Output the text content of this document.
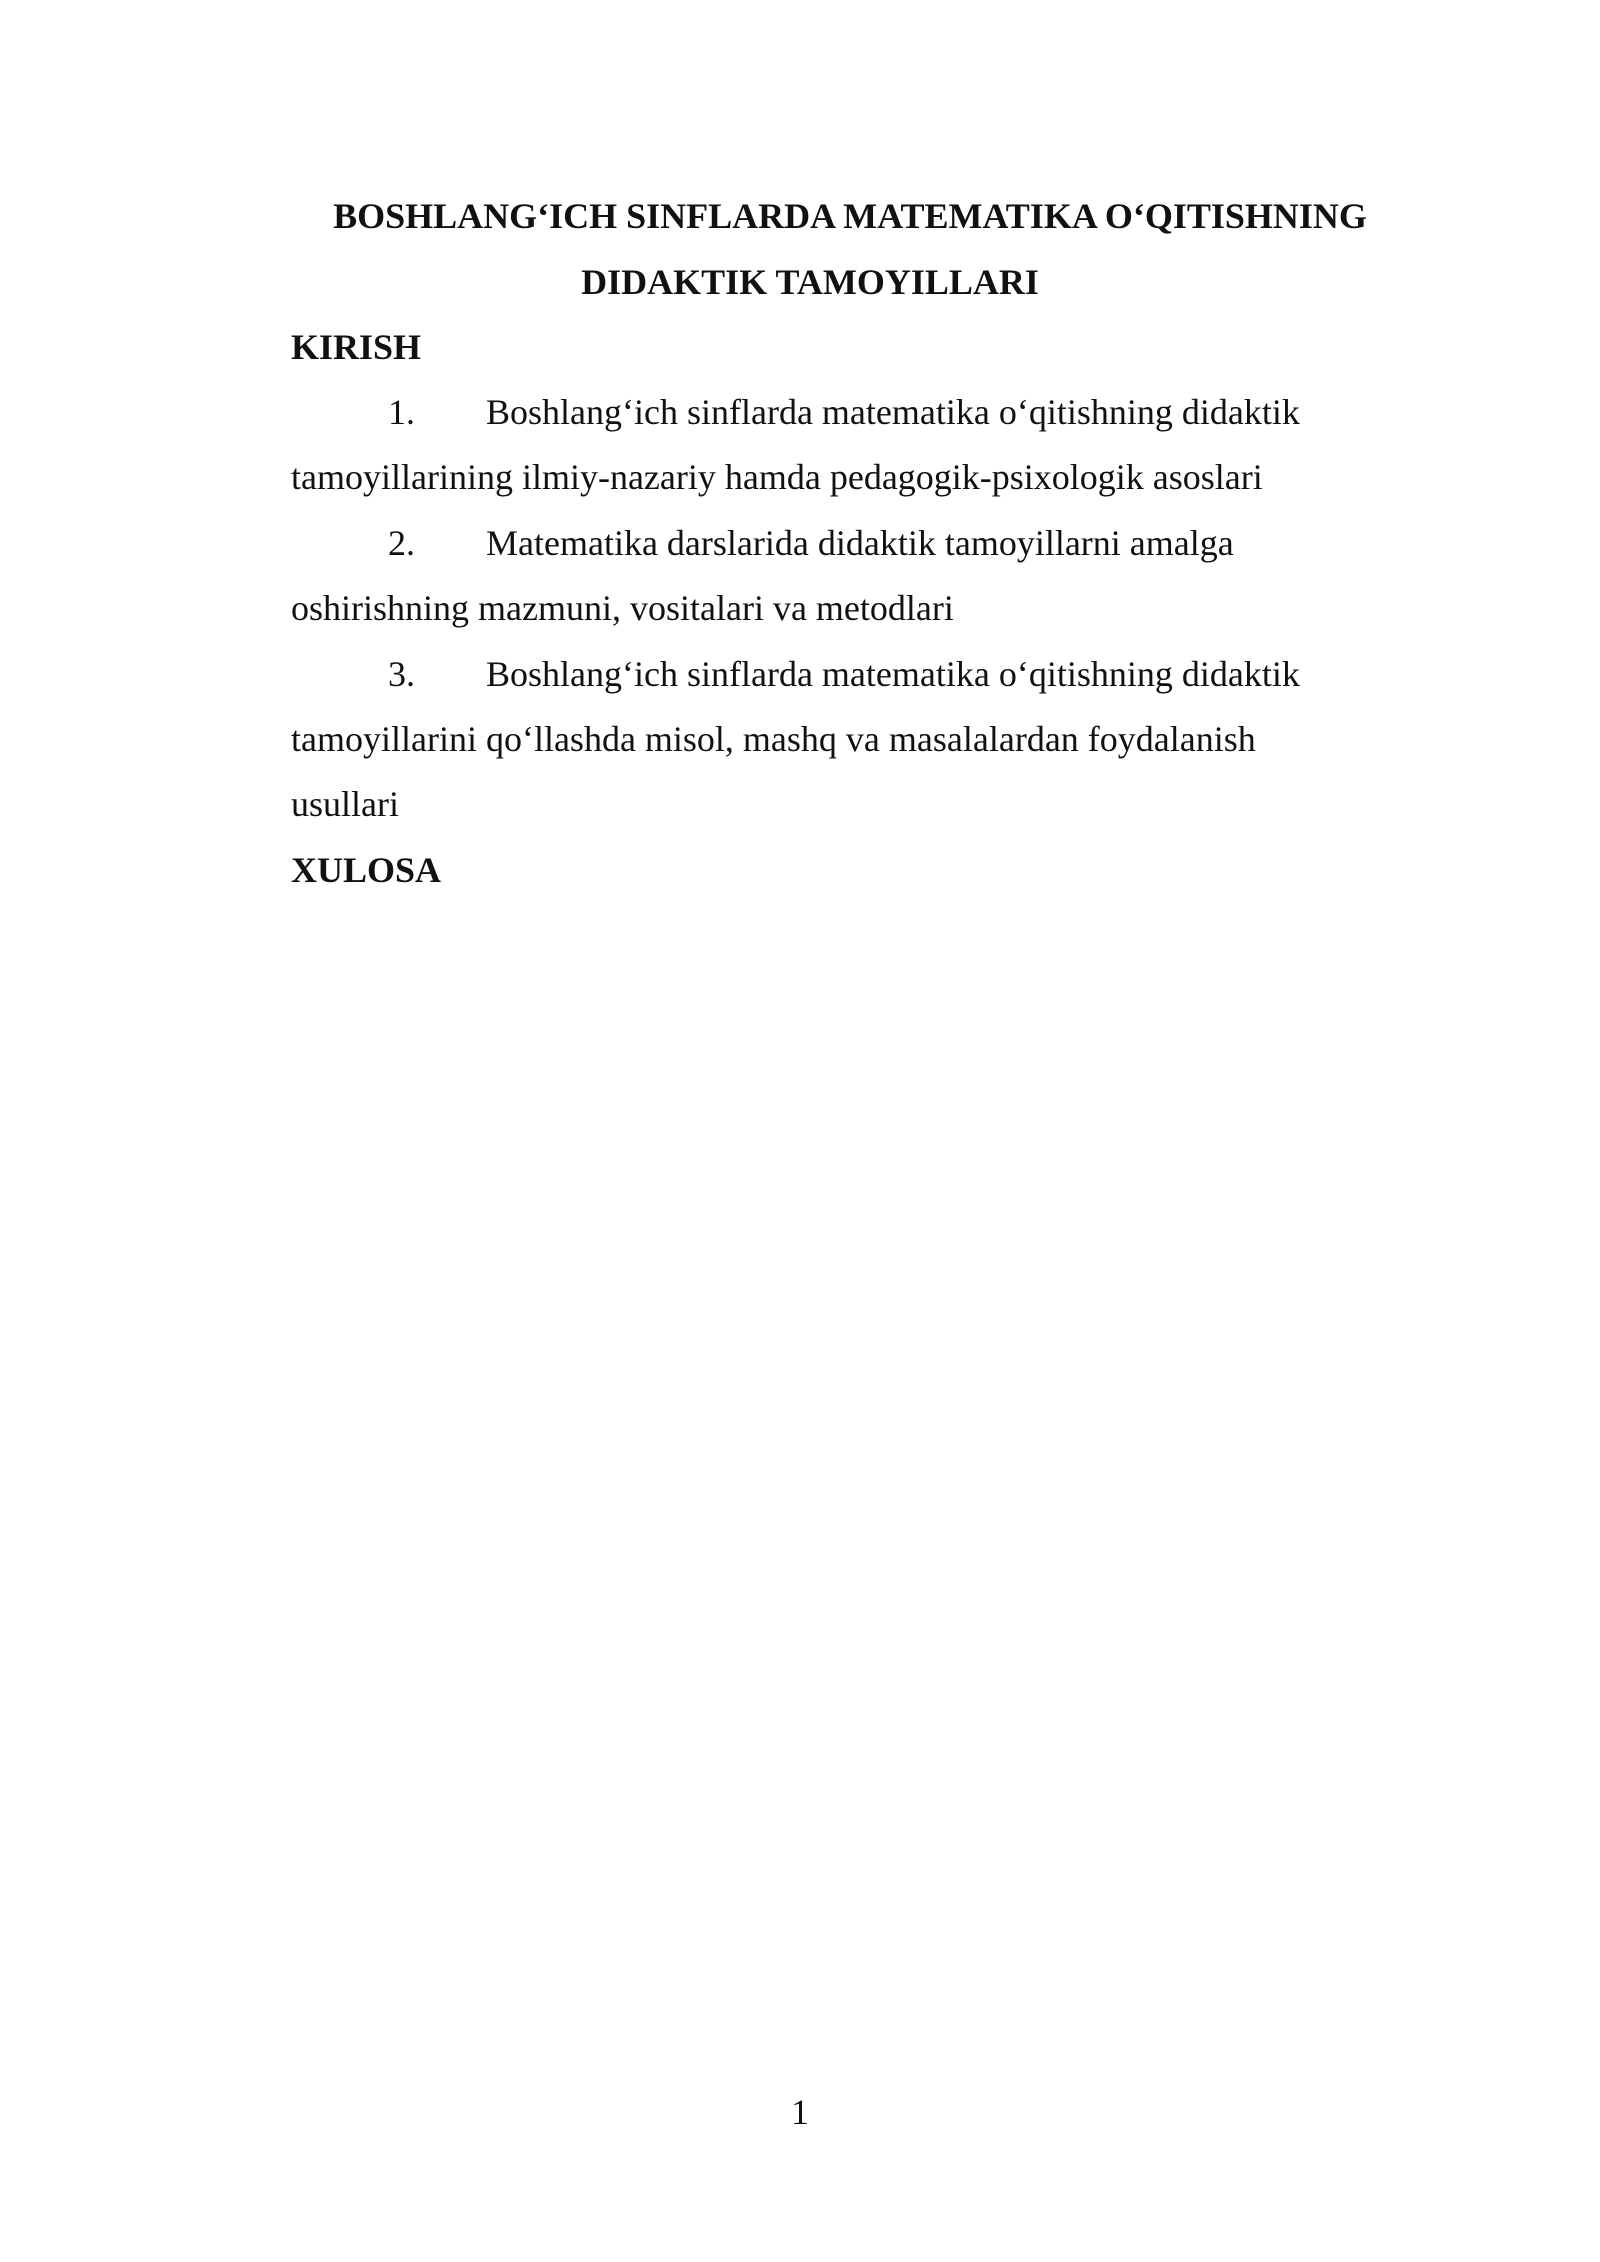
BOSHLANG‘ICH SINFLARDA MATEMATIKA O‘QITISHNING
DIDAKTIK TAMOYILLARI
KIRISH
1. Boshlang‘ich sinflarda matematika o‘qitishning didaktik
tamoyillarining ilmiy-nazariy hamda pedagogik-psixologik asoslari
2. Matematika darslarida didaktik tamoyillarni amalga
oshirishning mazmuni, vositalari va metodlari
3. Boshlang‘ich sinflarda matematika o‘qitishning didaktik
tamoyillarini qo‘llashda misol, mashq va masalalardan foydalanish
usullari
XULOSA
1
